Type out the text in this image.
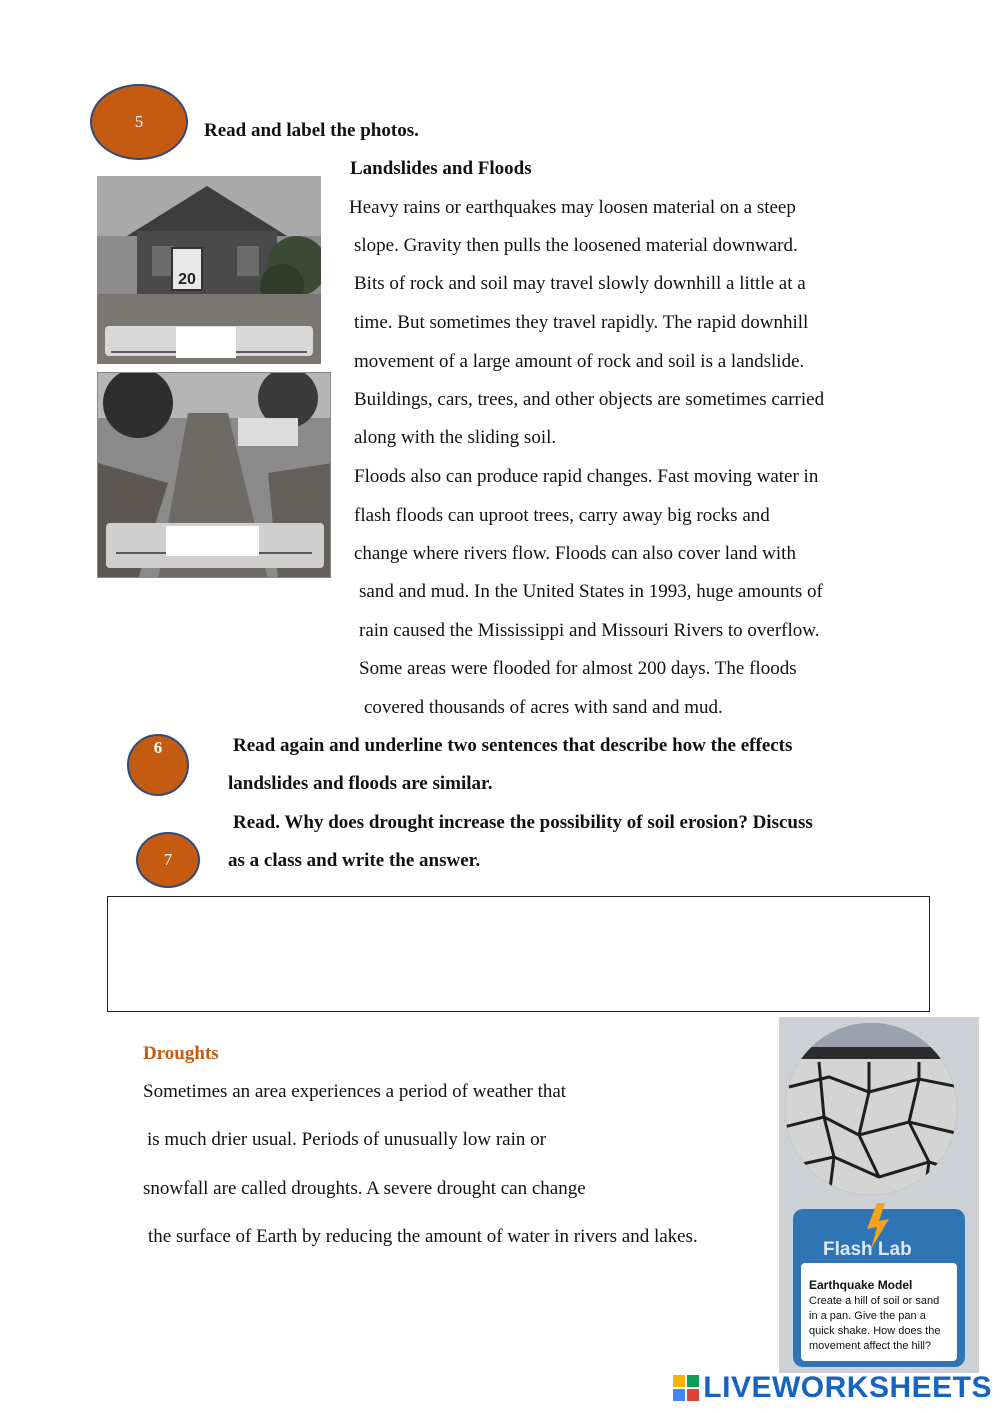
5	Read and label the photos.
Landslides and Floods
Heavy rains or earthquakes may loosen material on a steep
slope. Gravity then pulls the loosened material downward.
Bits of rock and soil may travel slowly downhill a little at a
time. But sometimes they travel rapidly. The rapid downhill
movement of a large amount of rock and soil is a landslide.
Buildings, cars, trees, and other objects are sometimes carried
along with the sliding soil.
Floods also can produce rapid changes. Fast moving water in
flash floods can uproot trees, carry away big rocks and
change where rivers flow. Floods can also cover land with
sand and mud. In the United States in 1993, huge amounts of
rain caused the Mississippi and Missouri Rivers to overflow.
Some areas were flooded for almost 200 days. The floods
covered thousands of acres with sand and mud.
20
6	Read again and underline two sentences that describe how the effects
landslides and floods are similar.
7
Read. Why does drought increase the possibility of soil erosion? Discuss
as a class and write the answer.
Droughts
Sometimes an area experiences a period of weather that
is much drier usual. Periods of unusually low rain or
snowfall are called droughts. A severe drought can change
the surface of Earth by reducing the amount of water in rivers and lakes.
Flash Lab
Earthquake Model
Create a hill of soil or sand
in a pan. Give the pan a
quick shake. How does the
movement affect the hill?
LIVEWORKSHEETS
